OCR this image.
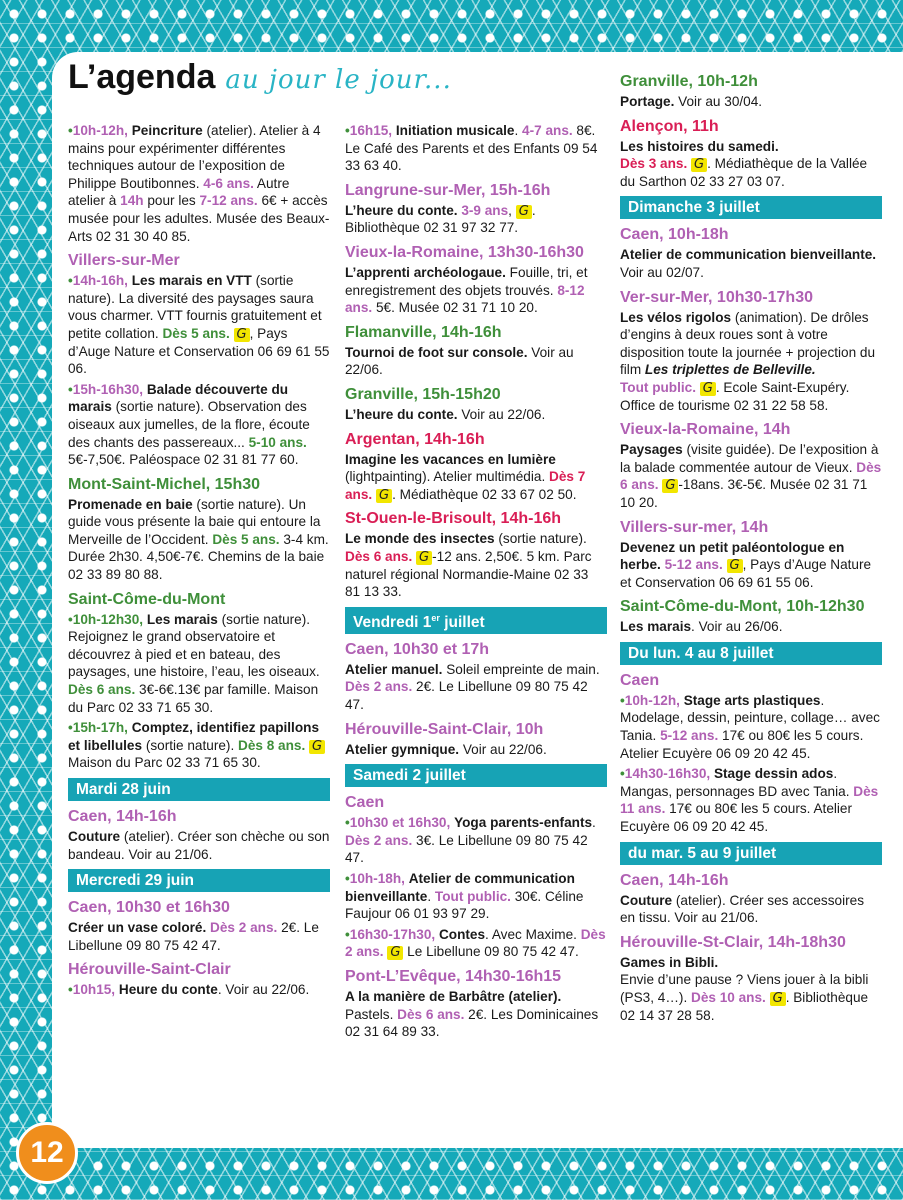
L’agenda au jour le jour...

•10h-12h, Peincriture (atelier). Atelier à 4 mains pour expérimenter différentes techniques autour de l’exposition de Philippe Boutibonnes. 4-6 ans. Autre atelier à 14h pour les 7-12 ans. 6€ + accès musée pour les adultes. Musée des Beaux-Arts 02 31 30 40 85.

Villers-sur-Mer

•14h-16h, Les marais en VTT (sortie nature). La diversité des paysages saura vous charmer. VTT fournis gratuitement et petite collation. Dès 5 ans. G , Pays d’Auge Nature et Conservation 06 69 61 55 06.

•15h-16h30, Balade découverte du marais (sortie nature). Observation des oiseaux aux jumelles, de la flore, écoute des chants des passereaux... 5-10 ans. 5€-7,50€. Paléospace 02 31 81 77 60.

Mont-Saint-Michel, 15h30

Promenade en baie (sortie nature). Un guide vous présente la baie qui entoure la Merveille de l’Occident. Dès 5 ans. 3-4 km. Durée 2h30. 4,50€-7€. Chemins de la baie 02 33 89 80 88.

Saint-Côme-du-Mont

•10h-12h30, Les marais (sortie nature). Rejoignez le grand observatoire et découvrez à pied et en bateau, des paysages, une histoire, l’eau, les oiseaux. Dès 6 ans. 3€-6€.13€ par famille. Maison du Parc 02 33 71 65 30.

•15h-17h, Comptez, identifiez papillons et libellules (sortie nature). Dès 8 ans. G Maison du Parc 02 33 71 65 30.

Mardi 28 juin
Caen, 14h-16h

Couture (atelier). Créer son chèche ou son bandeau. Voir au 21/06.

Mercredi 29 juin
Caen, 10h30 et 16h30

Créer un vase coloré. Dès 2 ans. 2€. Le Libellune 09 80 75 42 47.

Hérouville-Saint-Clair

•10h15, Heure du conte. Voir au 22/06.

•16h15, Initiation musicale. 4-7 ans. 8€. Le Café des Parents et des Enfants 09 54 33 63 40.

Langrune-sur-Mer, 15h-16h

L’heure du conte. 3-9 ans, G . Bibliothèque 02 31 97 32 77.

Vieux-la-Romaine, 13h30-16h30

L’apprenti archéologaue. Fouille, tri, et enregistrement des objets trouvés. 8-12 ans. 5€. Musée 02 31 71 10 20.

Flamanville, 14h-16h

Tournoi de foot sur console. Voir au 22/06.

Granville, 15h-15h20

L’heure du conte. Voir au 22/06.

Argentan, 14h-16h

Imagine les vacances en lumière (lightpainting). Atelier multimédia. Dès 7 ans. G . Médiathèque 02 33 67 02 50.

St-Ouen-le-Brisoult, 14h-16h

Le monde des insectes (sortie nature). Dès 6 ans. G -12 ans. 2,50€. 5 km. Parc naturel régional Normandie-Maine 02 33 81 13 33.

Vendredi 1er juillet
Caen, 10h30 et 17h

Atelier manuel. Soleil empreinte de main. Dès 2 ans. 2€. Le Libellune 09 80 75 42 47.

Hérouville-Saint-Clair, 10h

Atelier gymnique. Voir au 22/06.

Samedi 2 juillet
Caen

•10h30 et 16h30, Yoga parents-enfants. Dès 2 ans. 3€. Le Libellune 09 80 75 42 47.

•10h-18h, Atelier de communication bienveillante. Tout public. 30€. Céline Faujour 06 01 93 97 29.

•16h30-17h30, Contes. Avec Maxime. Dès 2 ans. G Le Libellune 09 80 75 42 47.

Pont-L’Evêque, 14h30-16h15

A la manière de Barbâtre (atelier). Pastels. Dès 6 ans. 2€. Les Dominicaines 02 31 64 89 33.

Granville, 10h-12h

Portage. Voir au 30/04.

Alençon, 11h

Les histoires du samedi.
Dès 3 ans. G . Médiathèque de la Vallée du Sarthon 02 33 27 03 07.

Dimanche 3 juillet
Caen, 10h-18h

Atelier de communication bienveillante. Voir au 02/07.

Ver-sur-Mer, 10h30-17h30

Les vélos rigolos (animation). De drôles d’engins à deux roues sont à votre disposition toute la journée + projection du film Les triplettes de Belleville.
Tout public. G . Ecole Saint-Exupéry. Office de tourisme 02 31 22 58 58.

Vieux-la-Romaine, 14h

Paysages (visite guidée). De l’exposition à la balade commentée autour de Vieux. Dès 6 ans. G -18ans. 3€-5€. Musée 02 31 71 10 20.

Villers-sur-mer, 14h

Devenez un petit paléontologue en herbe. 5-12 ans. G , Pays d’Auge Nature et Conservation 06 69 61 55 06.

Saint-Côme-du-Mont, 10h-12h30

Les marais. Voir au 26/06.

Du lun. 4 au 8 juillet
Caen

•10h-12h, Stage arts plastiques. Modelage, dessin, peinture, collage… avec Tania. 5-12 ans. 17€ ou 80€ les 5 cours. Atelier Ecuyère 06 09 20 42 45.

•14h30-16h30, Stage dessin ados. Mangas, personnages BD avec Tania. Dès 11 ans. 17€ ou 80€ les 5 cours. Atelier Ecuyère 06 09 20 42 45.

du mar. 5 au 9 juillet
Caen, 14h-16h

Couture (atelier). Créer ses accessoires en tissu. Voir au 21/06.

Hérouville-St-Clair, 14h-18h30

Games in Bibli.
Envie d’une pause ? Viens jouer à la bibli (PS3, 4…). Dès 10 ans. G . Bibliothèque 02 14 37 28 58.

12
